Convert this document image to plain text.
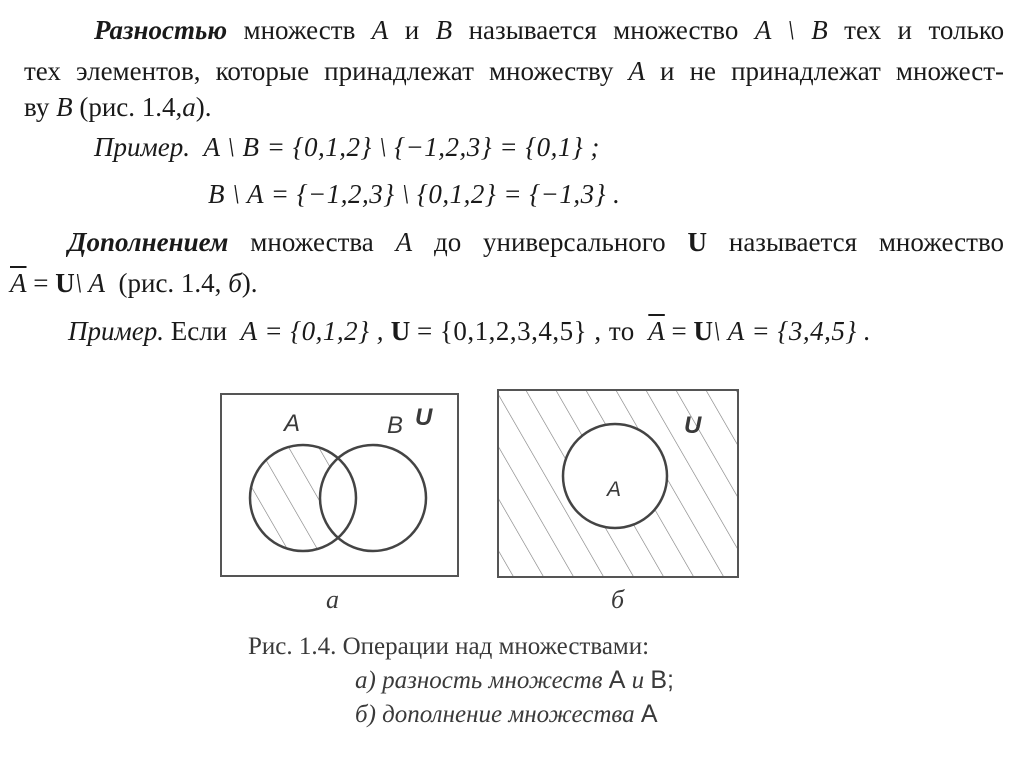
Разностью множеств A и B называется множество A \ B тех и только
тех элементов, которые принадлежат множеству A и не принадлежат множест-
ву B (рис. 1.4,а).
Пример. A \ B = {0,1,2} \ {−1,2,3} = {0,1} ;
B \ A = {−1,2,3} \ {0,1,2} = {−1,3} .
Дополнением множества A до универсального U называется множество
$\overline{A}$ = U\ A (рис. 1.4, б).
Пример. Если A = {0,1,2} , U = {0,1,2,3,4,5} , то $\overline{A}$ = U\ A = {3,4,5} .
A	B U
A
U
а	б
Рис. 1.4. Операции над множествами:
а) разность множеств A и B;
б) дополнение множества A
